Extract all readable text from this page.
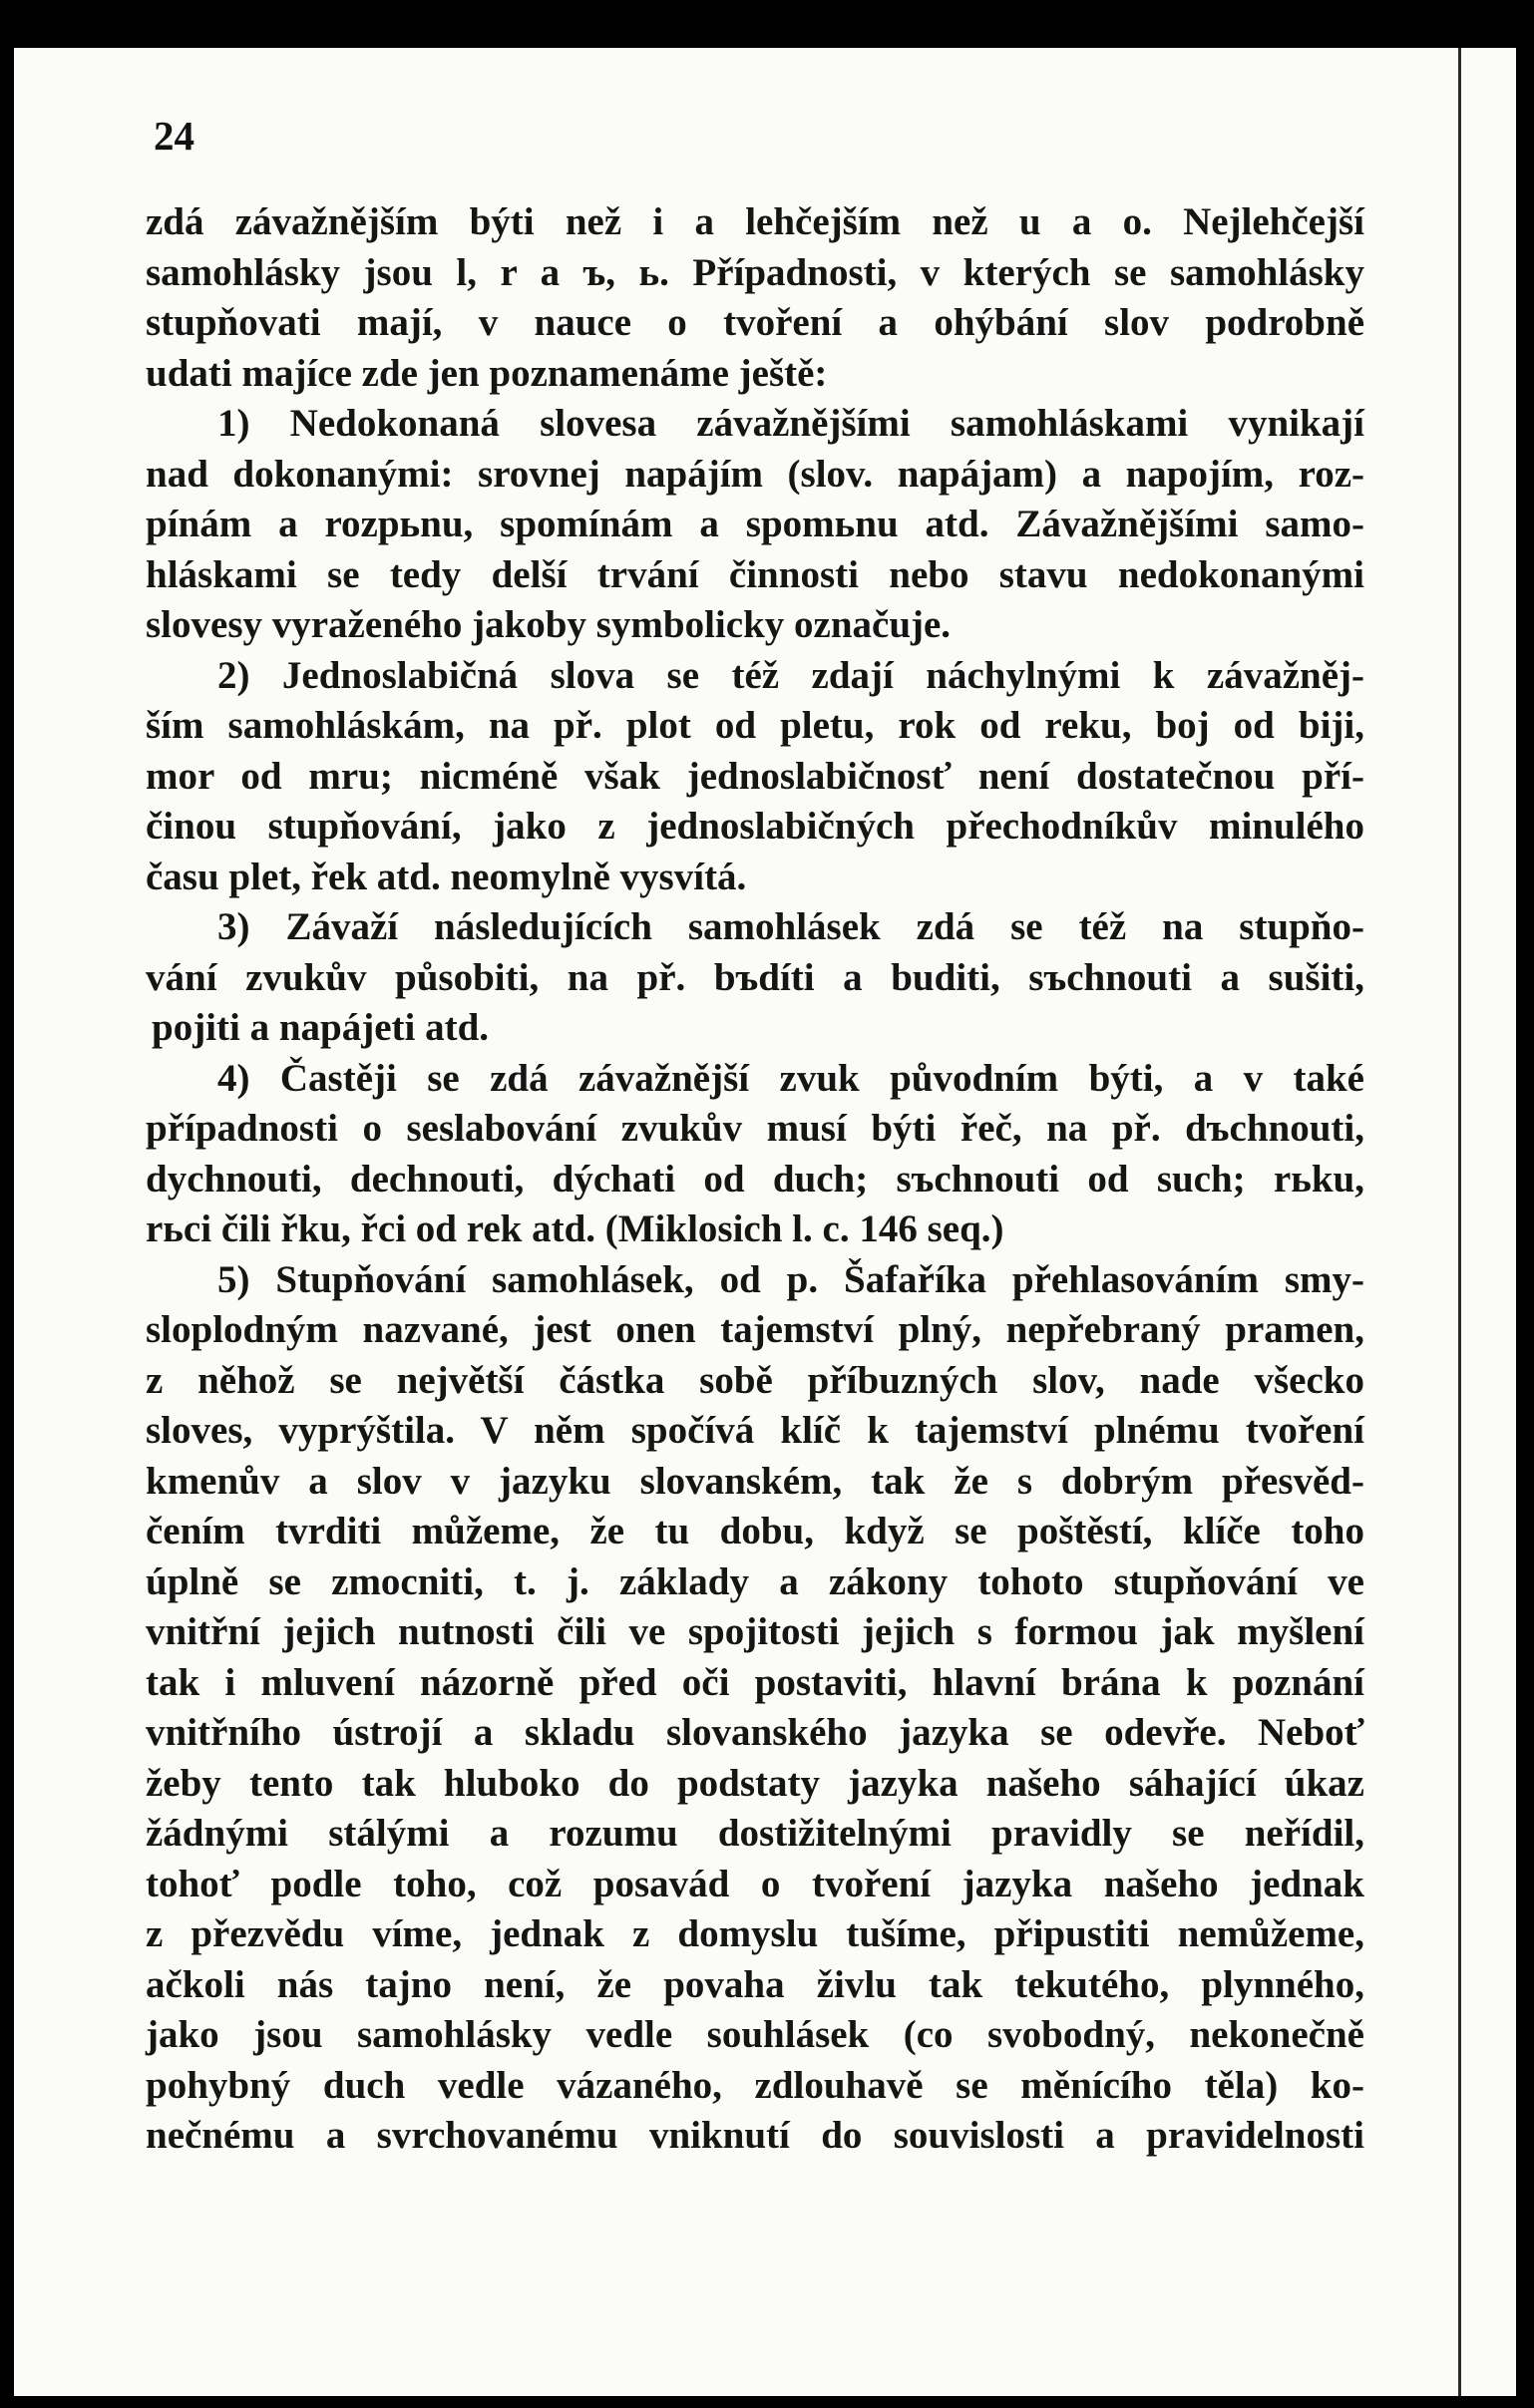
24

zdá závažnějším býti než i a lehčejším než u a o. Nejlehčejší
samohlásky jsou l, r a ъ, ь. Případnosti, v kterých se samohlásky
stupňovati mají, v nauce o tvoření a ohýbání slov podrobně
udati majíce zde jen poznamenáme ještě:
1) Nedokonaná slovesa závažnějšími samohláskami vynikají
nad dokonanými: srovnej napájím (slov. napájam) a napojím, roz-
pínám a rozpьnu, spomínám a spomьnu atd. Závažnějšími samo-
hláskami se tedy delší trvání činnosti nebo stavu nedokonanými
slovesy vyraženého jakoby symbolicky označuje.
2) Jednoslabičná slova se též zdají náchylnými k závažněj-
ším samohláskám, na př. plot od pletu, rok od reku, boj od biji,
mor od mru; nicméně však jednoslabičnosť není dostatečnou pří-
činou stupňování, jako z jednoslabičných přechodníkův minulého
času plet, řek atd. neomylně vysvítá.
3) Závaží následujících samohlásek zdá se též na stupňo-
vání zvukův působiti, na př. bъdíti a buditi, sъchnouti a sušiti,
pojiti a napájeti atd.
4) Častěji se zdá závažnější zvuk původním býti, a v také
případnosti o seslabování zvukův musí býti řeč, na př. dъchnouti,
dychnouti, dechnouti, dýchati od duch; sъchnouti od such; rьku,
rьci čili řku, řci od rek atd. (Miklosich l. c. 146 seq.)
5) Stupňování samohlásek, od p. Šafaříka přehlasováním smy-
sloplodným nazvané, jest onen tajemství plný, nepřebraný pramen,
z něhož se největší částka sobě příbuzných slov, nade všecko
sloves, vyprýštila. V něm spočívá klíč k tajemství plnému tvoření
kmenův a slov v jazyku slovanském, tak že s dobrým přesvěd-
čením tvrditi můžeme, že tu dobu, když se poštěstí, klíče toho
úplně se zmocniti, t. j. základy a zákony tohoto stupňování ve
vnitřní jejich nutnosti čili ve spojitosti jejich s formou jak myšlení
tak i mluvení názorně před oči postaviti, hlavní brána k poznání
vnitřního ústrojí a skladu slovanského jazyka se odevře. Neboť
žeby tento tak hluboko do podstaty jazyka našeho sáhající úkaz
žádnými stálými a rozumu dostižitelnými pravidly se neřídil,
tohoť podle toho, což posavád o tvoření jazyka našeho jednak
z přezvědu víme, jednak z domyslu tušíme, připustiti nemůžeme,
ačkoli nás tajno není, že povaha živlu tak tekutého, plynného,
jako jsou samohlásky vedle souhlásek (co svobodný, nekonečně
pohybný duch vedle vázaného, zdlouhavě se měnícího těla) ko-
nečnému a svrchovanému vniknutí do souvislosti a pravidelnosti
